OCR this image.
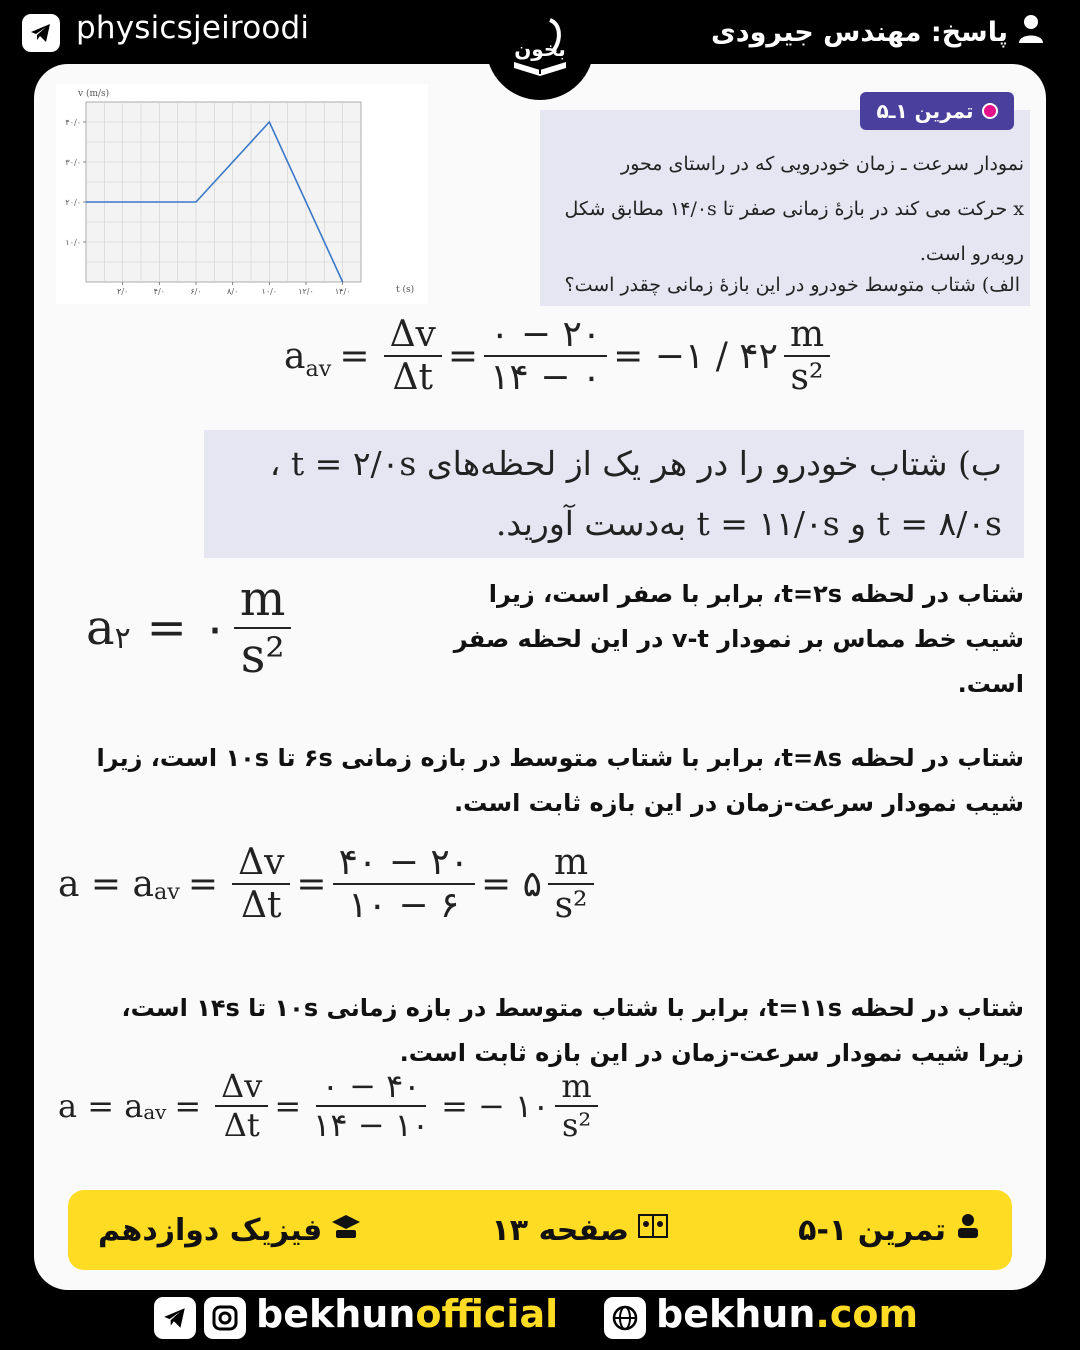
physicsjeiroodi	پاسخ: مهندس جیرودی
بخون
۴۰/۰
۳۰/۰
۲۰/۰
۱۰/۰
۲/۰	۴/۰	۶/۰	۸/۰	۱۰/۰	۱۲/۰	۱۴/۰
v (m/s)
t (s)
تمرین ۱ـ۵
نمودار سرعت ـ زمان خودرویی که در راستای محور
x حرکت می کند در بازهٔ زمانی صفر تا ۱۴/۰s مطابق شکل
روبه‌رو است.
الف) شتاب متوسط خودرو در این بازهٔ زمانی چقدر است؟
$a_{av} = \frac{\Delta v}{\Delta t} = \frac{۰ - ۲۰}{۱۴ - ۰}$ = −۱ / ۴۲ $\frac{m}{\text{s²}}$
ب) شتاب خودرو را در هر یک از لحظه‌های t = ۲/۰s ،
t = ۸/۰s و t = ۱۱/۰s به‌دست آورید.
شتاب در لحظه t=۲s، برابر با صفر است، زیرا
شیب خط مماس بر نمودار v-t در این لحظه صفر است.
a ۲ = ۰ $\frac{m}{\text{s²}}$
شتاب در لحظه t=۸s، برابر با شتاب متوسط در بازه زمانی ۶s تا ۱۰s است، زیرا
شیب نمودار سرعت-زمان در این بازه ثابت است.
a = a av = $\frac{\Delta v}{\Delta t} = \frac{۴۰ - ۲۰}{۱۰ - ۶}$ = ۵ $\frac{m}{\text{s²}}$
شتاب در لحظه t=۱۱s، برابر با شتاب متوسط در بازه زمانی ۱۰s تا ۱۴s است،
زیرا شیب نمودار سرعت-زمان در این بازه ثابت است.
a = a av = $\frac{\Delta v}{\Delta t} = \frac{۰ - ۴۰}{۱۴ - ۱۰}$ = − ۱۰ $\frac{m}{\text{s²}}$
تمرین ۱-۵
صفحه ۱۳
فیزیک دوازدهم
bekhunofficial	bekhun.com
